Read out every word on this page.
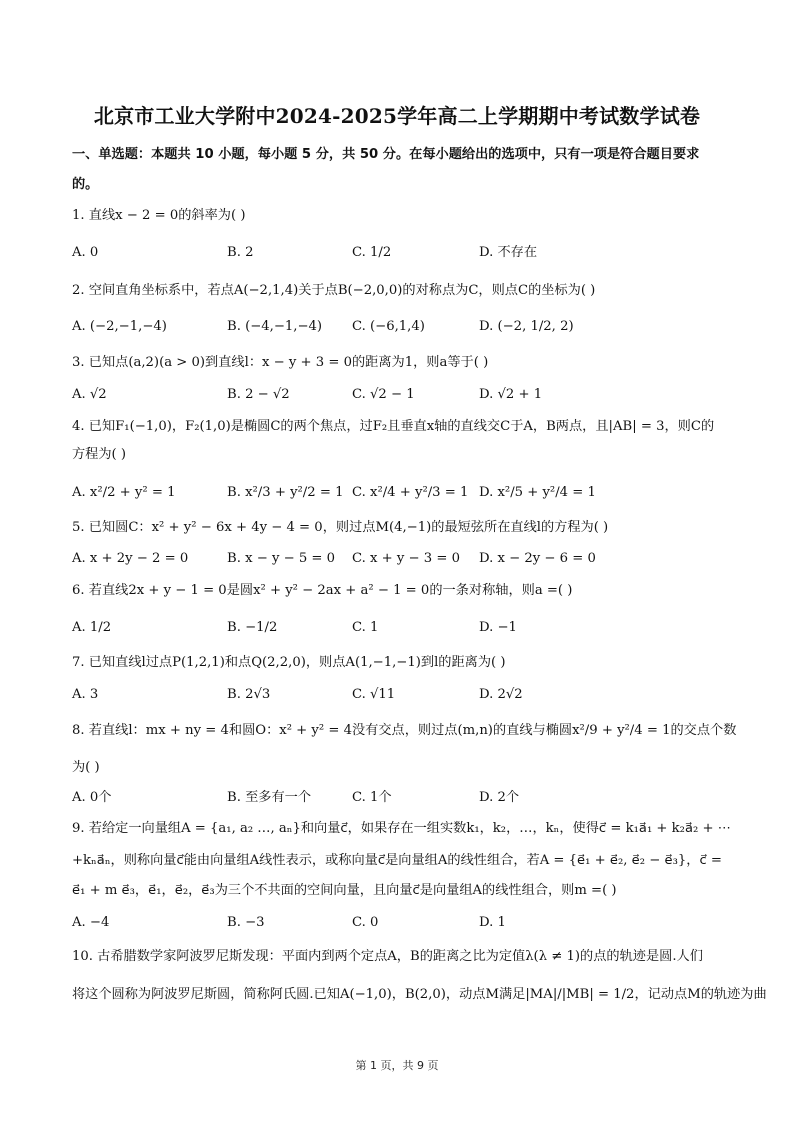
北京市工业大学附中2024-2025学年高二上学期期中考试数学试卷
一、单选题：本题共 10 小题，每小题 5 分，共 50 分。在每小题给出的选项中，只有一项是符合题目要求
的。
1. 直线x − 2 = 0的斜率为( )
A. 0	B. 2	C. 1/2	D. 不存在
2. 空间直角坐标系中，若点A(−2,1,4)关于点B(−2,0,0)的对称点为C，则点C的坐标为( )
A. (−2,−1,−4)	B. (−4,−1,−4) C. (−6,1,4)	D. (−2, 1/2, 2)
3. 已知点(a,2)(a > 0)到直线l：x − y + 3 = 0的距离为1，则a等于( )
A. √2	B. 2 − √2	C. √2 − 1	D. √2 + 1
4. 已知F₁(−1,0)，F₂(1,0)是椭圆C的两个焦点，过F₂且垂直x轴的直线交C于A，B两点，且|AB| = 3，则C的
方程为( )
A. x²/2 + y² = 1	B. x²/3 + y²/2 = 1 C. x²/4 + y²/3 = 1 D. x²/5 + y²/4 = 1
5. 已知圆C：x² + y² − 6x + 4y − 4 = 0，则过点M(4,−1)的最短弦所在直线l的方程为( )
A. x + 2y − 2 = 0	B. x − y − 5 = 0 C. x + y − 3 = 0 D. x − 2y − 6 = 0
6. 若直线2x + y − 1 = 0是圆x² + y² − 2ax + a² − 1 = 0的一条对称轴，则a =( )
A. 1/2	B. −1/2	C. 1	D. −1
7. 已知直线l过点P(1,2,1)和点Q(2,2,0)，则点A(1,−1,−1)到l的距离为( )
A. 3	B. 2√3	C. √11	D. 2√2
8. 若直线l：mx + ny = 4和圆O：x² + y² = 4没有交点，则过点(m,n)的直线与椭圆x²/9 + y²/4 = 1的交点个数
为( )
A. 0个	B. 至多有一个	C. 1个	D. 2个
9. 若给定一向量组A = {a₁, a₂ …, aₙ}和向量c⃗，如果存在一组实数k₁，k₂，…，kₙ，使得c⃗ = k₁a⃗₁ + k₂a⃗₂ + ⋯
+kₙa⃗ₙ，则称向量c⃗能由向量组A线性表示，或称向量c⃗是向量组A的线性组合，若A = {e⃗₁ + e⃗₂, e⃗₂ − e⃗₃}，c⃗ =
e⃗₁ + m e⃗₃，e⃗₁，e⃗₂，e⃗₃为三个不共面的空间向量，且向量c⃗是向量组A的线性组合，则m =( )
A. −4	B. −3	C. 0	D. 1
10. 古希腊数学家阿波罗尼斯发现：平面内到两个定点A，B的距离之比为定值λ(λ ≠ 1)的点的轨迹是圆.人们
将这个圆称为阿波罗尼斯圆，简称阿氏圆.已知A(−1,0)，B(2,0)，动点M满足|MA|/|MB| = 1/2，记动点M的轨迹为曲
第 1 页，共 9 页
